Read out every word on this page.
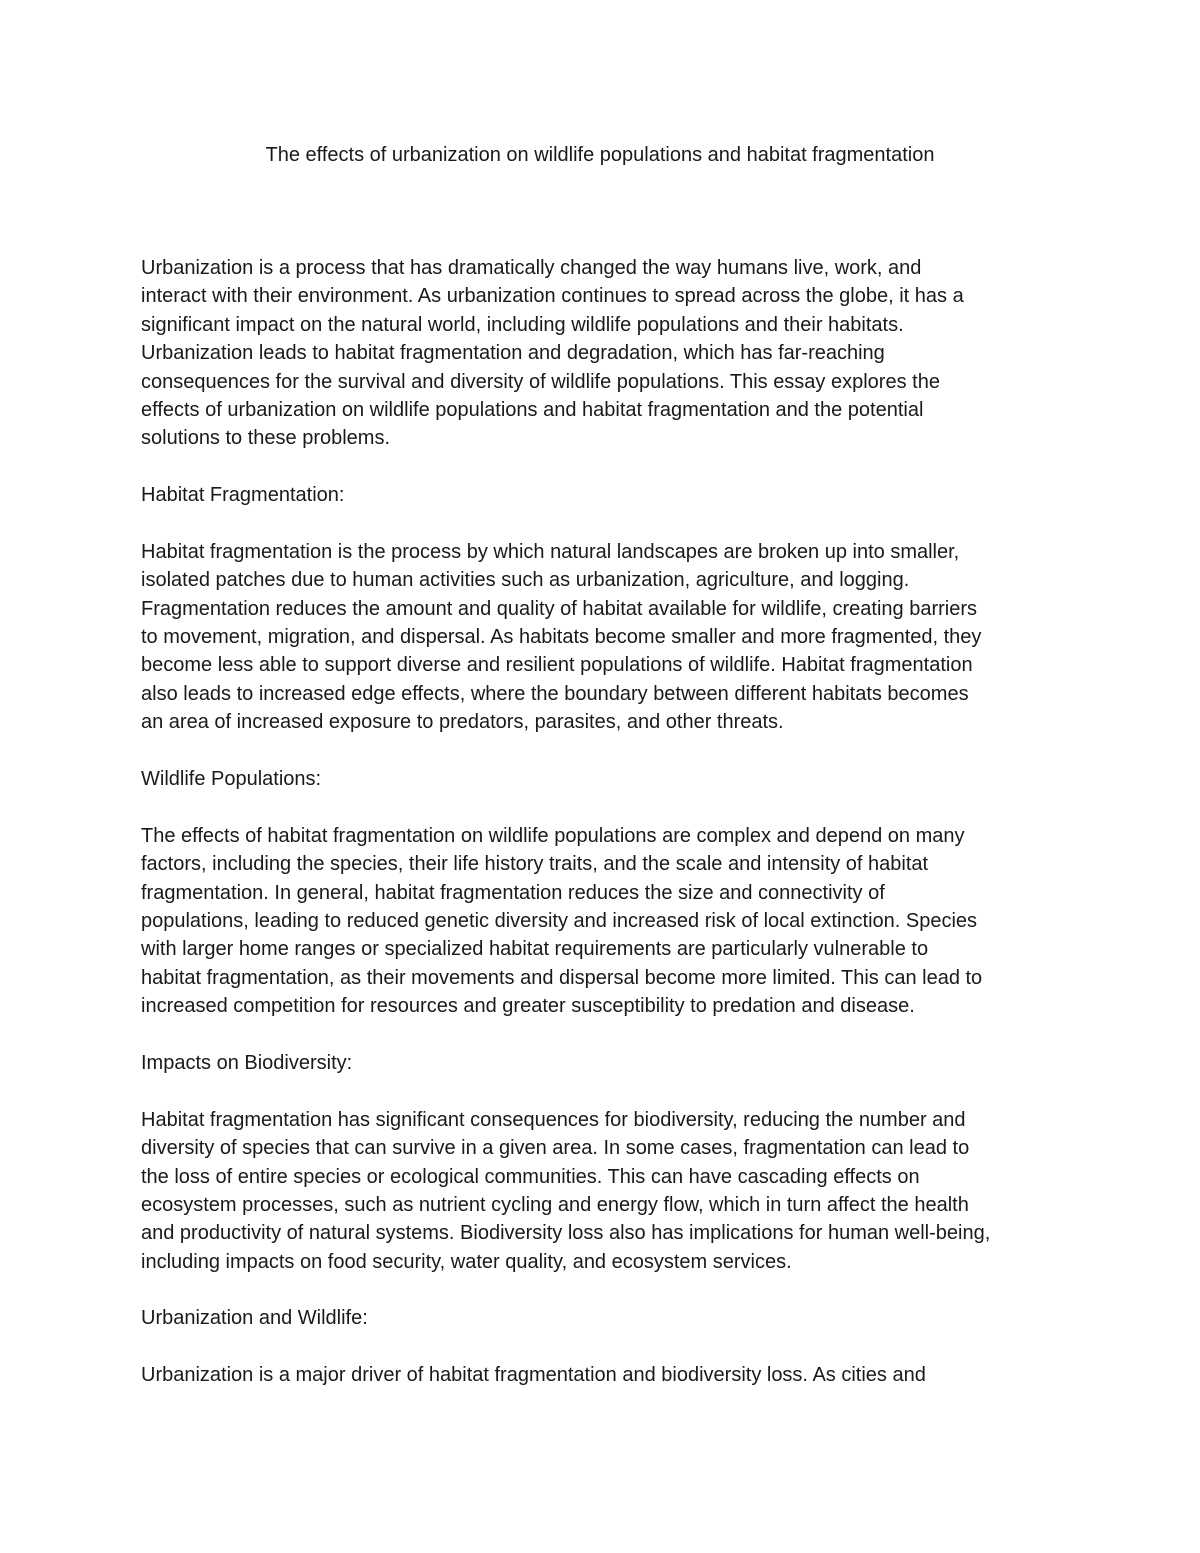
The effects of urbanization on wildlife populations and habitat fragmentation
Urbanization is a process that has dramatically changed the way humans live, work, and
interact with their environment. As urbanization continues to spread across the globe, it has a
significant impact on the natural world, including wildlife populations and their habitats.
Urbanization leads to habitat fragmentation and degradation, which has far-reaching
consequences for the survival and diversity of wildlife populations. This essay explores the
effects of urbanization on wildlife populations and habitat fragmentation and the potential
solutions to these problems.
Habitat Fragmentation:
Habitat fragmentation is the process by which natural landscapes are broken up into smaller,
isolated patches due to human activities such as urbanization, agriculture, and logging.
Fragmentation reduces the amount and quality of habitat available for wildlife, creating barriers
to movement, migration, and dispersal. As habitats become smaller and more fragmented, they
become less able to support diverse and resilient populations of wildlife. Habitat fragmentation
also leads to increased edge effects, where the boundary between different habitats becomes
an area of increased exposure to predators, parasites, and other threats.
Wildlife Populations:
The effects of habitat fragmentation on wildlife populations are complex and depend on many
factors, including the species, their life history traits, and the scale and intensity of habitat
fragmentation. In general, habitat fragmentation reduces the size and connectivity of
populations, leading to reduced genetic diversity and increased risk of local extinction. Species
with larger home ranges or specialized habitat requirements are particularly vulnerable to
habitat fragmentation, as their movements and dispersal become more limited. This can lead to
increased competition for resources and greater susceptibility to predation and disease.
Impacts on Biodiversity:
Habitat fragmentation has significant consequences for biodiversity, reducing the number and
diversity of species that can survive in a given area. In some cases, fragmentation can lead to
the loss of entire species or ecological communities. This can have cascading effects on
ecosystem processes, such as nutrient cycling and energy flow, which in turn affect the health
and productivity of natural systems. Biodiversity loss also has implications for human well-being,
including impacts on food security, water quality, and ecosystem services.
Urbanization and Wildlife:
Urbanization is a major driver of habitat fragmentation and biodiversity loss. As cities and
